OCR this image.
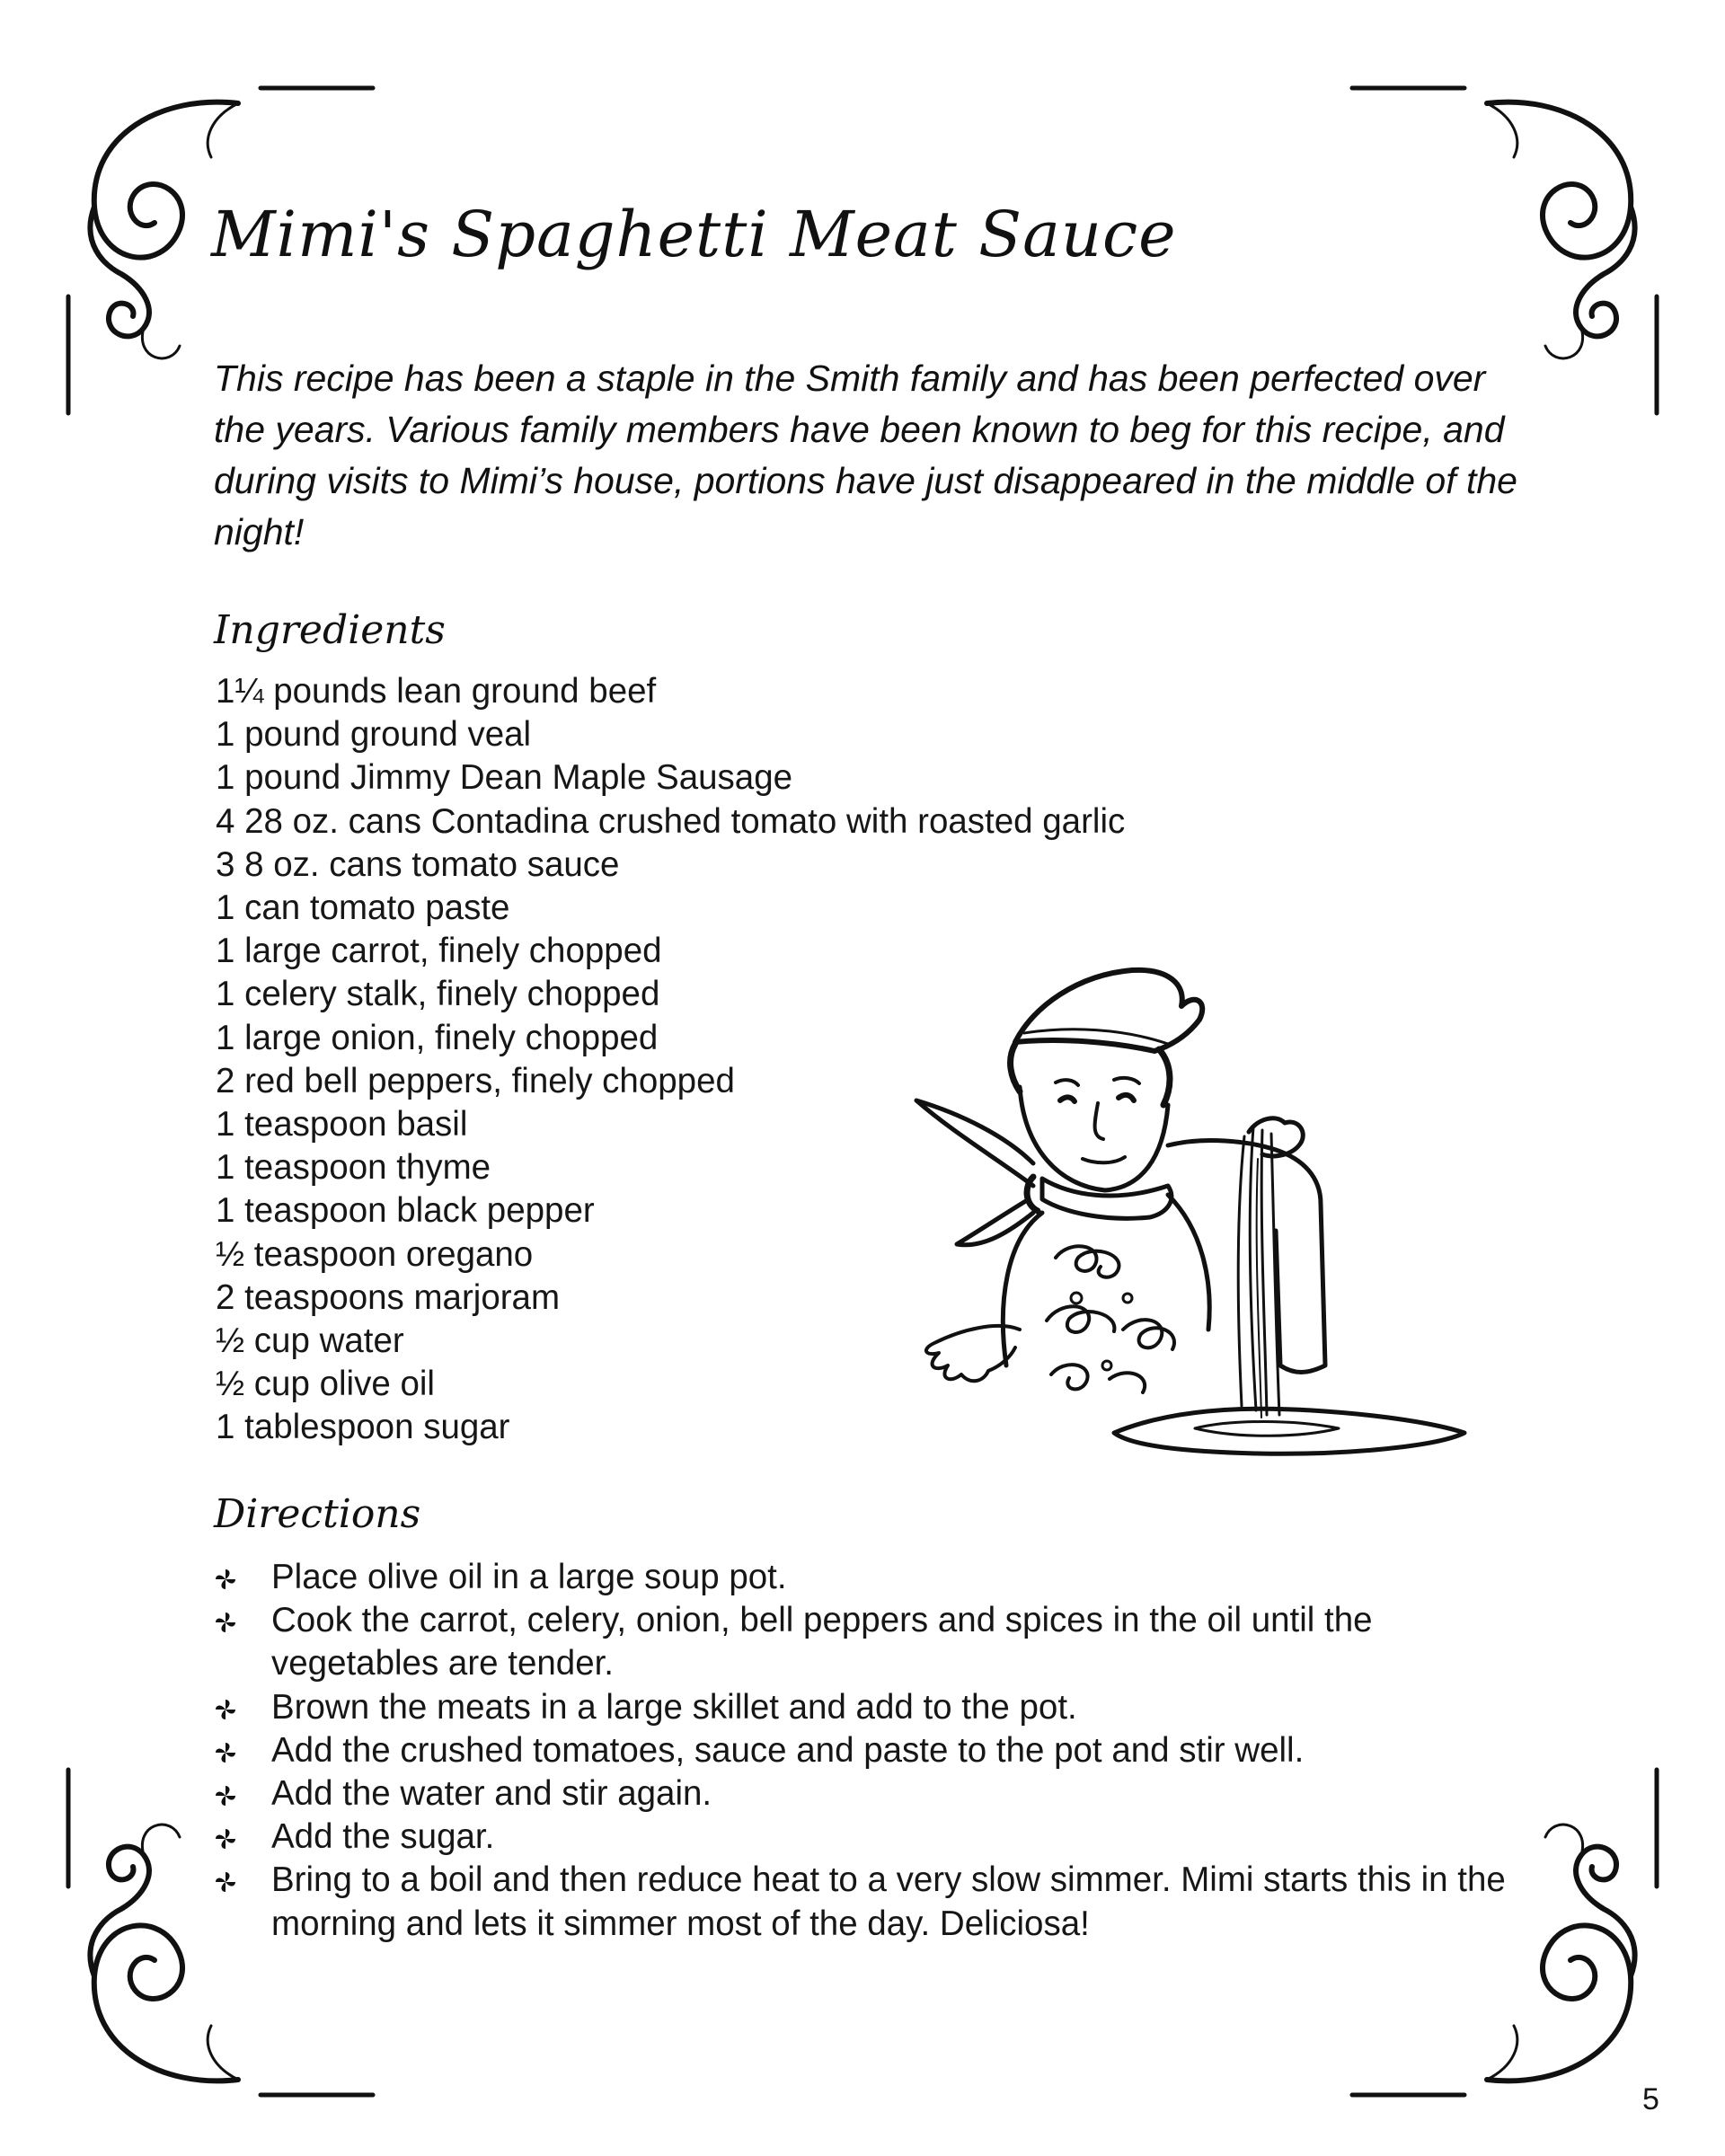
Mimi's Spaghetti Meat Sauce

This recipe has been a staple in the Smith family and has been perfected over the years. Various family members have been known to beg for this recipe, and during visits to Mimi’s house, portions have just disappeared in the middle of the night!

Ingredients
1¼ pounds lean ground beef
1 pound ground veal
1 pound Jimmy Dean Maple Sausage
4 28 oz. cans Contadina crushed tomato with roasted garlic
3 8 oz. cans tomato sauce
1 can tomato paste
1 large carrot, finely chopped
1 celery stalk, finely chopped
1 large onion, finely chopped
2 red bell peppers, finely chopped
1 teaspoon basil
1 teaspoon thyme
1 teaspoon black pepper
½ teaspoon oregano
2 teaspoons marjoram
½ cup water
½ cup olive oil
1 tablespoon sugar
Directions
Place olive oil in a large soup pot.
Cook the carrot, celery, onion, bell peppers and spices in the oil until the vegetables are tender.
Brown the meats in a large skillet and add to the pot.
Add the crushed tomatoes, sauce and paste to the pot and stir well.
Add the water and stir again.
Add the sugar.
Bring to a boil and then reduce heat to a very slow simmer. Mimi starts this in the morning and lets it simmer most of the day. Deliciosa!
5
